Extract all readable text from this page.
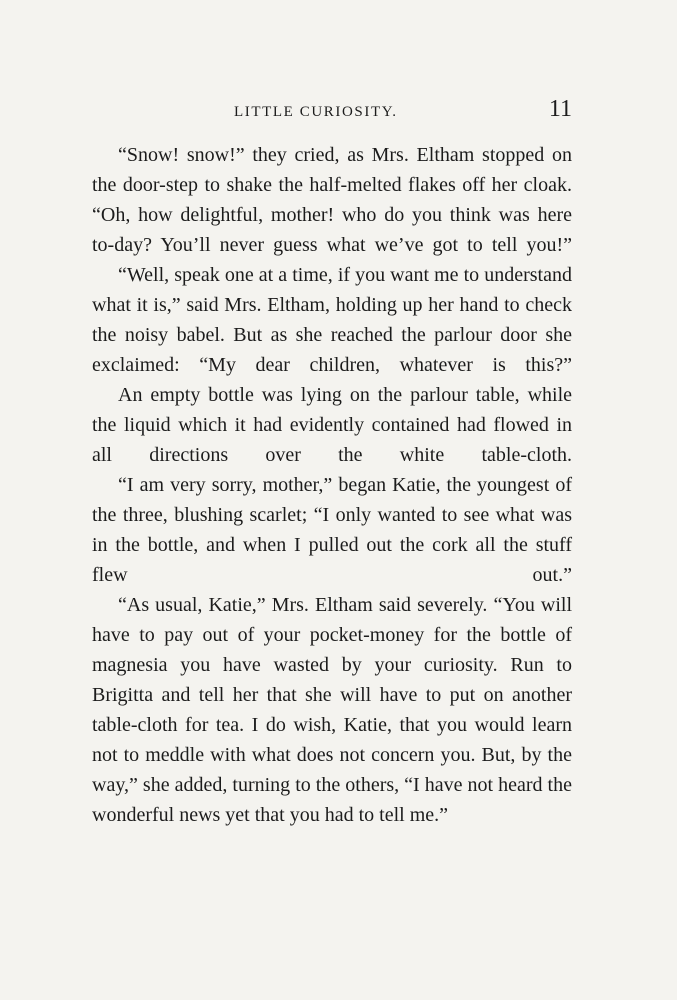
LITTLE CURIOSITY.	11

“Snow! snow!” they cried, as Mrs. Eltham stopped on the door-step to shake the half-melted flakes off her cloak. “Oh, how delightful, mother! who do you think was here to-day? You’ll never guess what we’ve got to tell you!”

“Well, speak one at a time, if you want me to understand what it is,” said Mrs. Eltham, holding up her hand to check the noisy babel. But as she reached the parlour door she exclaimed: “My dear children, whatever is this?”

An empty bottle was lying on the parlour table, while the liquid which it had evidently contained had flowed in all directions over the white table-cloth.

“I am very sorry, mother,” began Katie, the youngest of the three, blushing scarlet; “I only wanted to see what was in the bottle, and when I pulled out the cork all the stuff flew out.”

“As usual, Katie,” Mrs. Eltham said severely. “You will have to pay out of your pocket-money for the bottle of magnesia you have wasted by your curiosity. Run to Brigitta and tell her that she will have to put on another table-cloth for tea. I do wish, Katie, that you would learn not to meddle with what does not concern you. But, by the way,” she added, turning to the others, “I have not heard the wonderful news yet that you had to tell me.”
